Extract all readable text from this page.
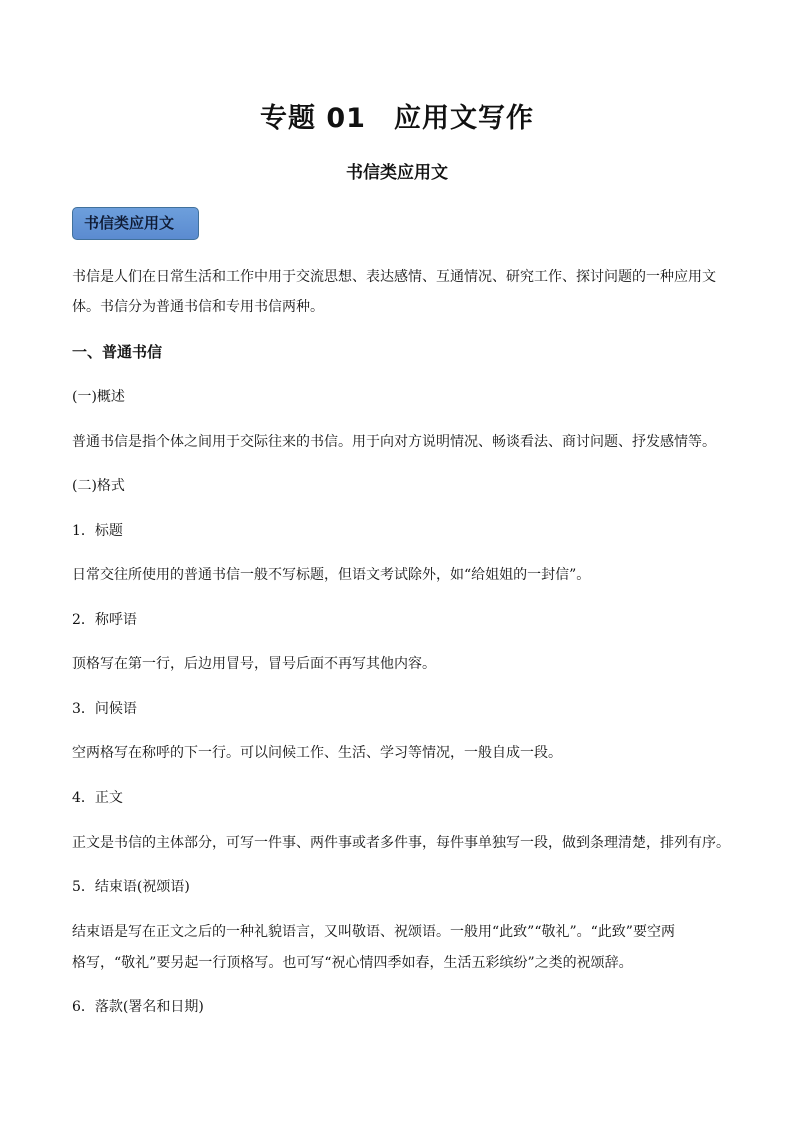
专题 01 应用文写作
书信类应用文
书信类应用文

书信是人们在日常生活和工作中用于交流思想、表达感情、互通情况、研究工作、探讨问题的一种应用文

体。书信分为普通书信和专用书信两种。

一、普通书信

(一)概述

普通书信是指个体之间用于交际往来的书信。用于向对方说明情况、畅谈看法、商讨问题、抒发感情等。

(二)格式

1．标题

日常交往所使用的普通书信一般不写标题，但语文考试除外，如“给姐姐的一封信”。

2．称呼语

顶格写在第一行，后边用冒号，冒号后面不再写其他内容。

3．问候语

空两格写在称呼的下一行。可以问候工作、生活、学习等情况，一般自成一段。

4．正文

正文是书信的主体部分，可写一件事、两件事或者多件事，每件事单独写一段，做到条理清楚，排列有序。

5．结束语(祝颂语)

结束语是写在正文之后的一种礼貌语言，又叫敬语、祝颂语。一般用“此致”“敬礼”。“此致”要空两

格写，“敬礼”要另起一行顶格写。也可写“祝心情四季如春，生活五彩缤纷”之类的祝颂辞。

6．落款(署名和日期)
